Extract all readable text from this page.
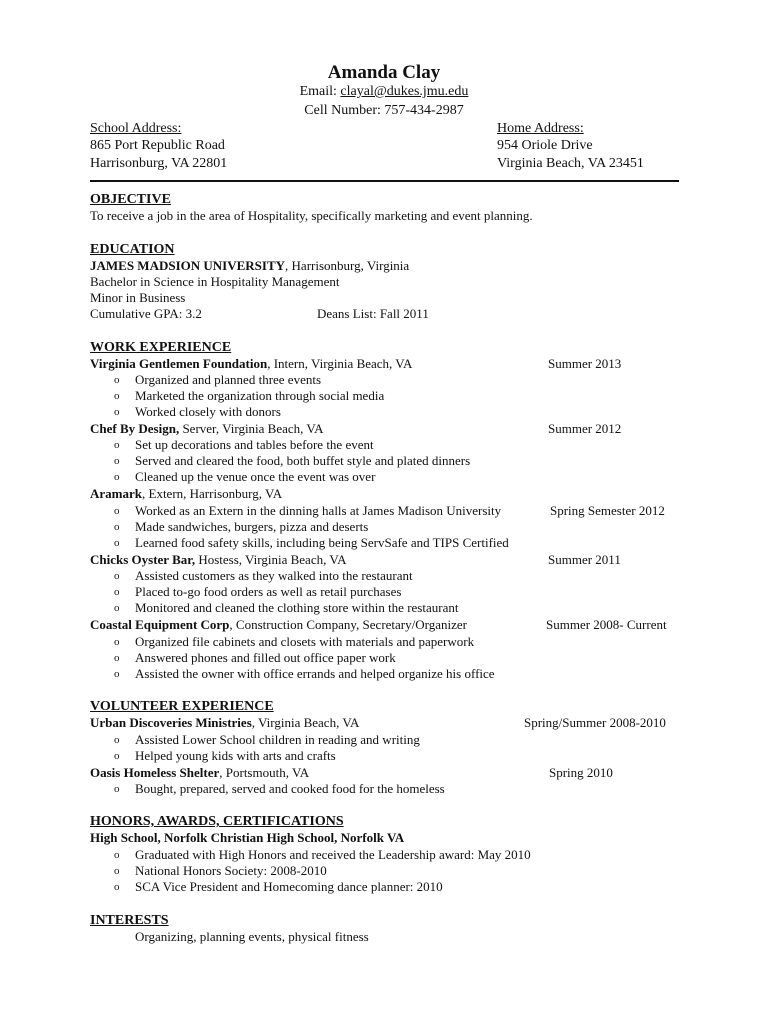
Amanda Clay
Email: clayal@dukes.jmu.edu
Cell Number: 757-434-2987
School Address:
865 Port Republic Road
Harrisonburg, VA 22801
Home Address:
954 Oriole Drive
Virginia Beach, VA 23451
OBJECTIVE
To receive a job in the area of Hospitality, specifically marketing and event planning.
EDUCATION
JAMES MADSION UNIVERSITY, Harrisonburg, Virginia
Bachelor in Science in Hospitality Management
Minor in Business
Cumulative GPA: 3.2	Deans List: Fall 2011
WORK EXPERIENCE
Virginia Gentlemen Foundation, Intern, Virginia Beach, VA	Summer 2013
o Organized and planned three events
o Marketed the organization through social media
o Worked closely with donors
Chef By Design, Server, Virginia Beach, VA	Summer 2012
o Set up decorations and tables before the event
o Served and cleared the food, both buffet style and plated dinners
o Cleaned up the venue once the event was over
Aramark, Extern, Harrisonburg, VA
o Worked as an Extern in the dinning halls at James Madison University	Spring Semester 2012
o Made sandwiches, burgers, pizza and deserts
o Learned food safety skills, including being ServSafe and TIPS Certified
Chicks Oyster Bar, Hostess, Virginia Beach, VA	Summer 2011
o Assisted customers as they walked into the restaurant
o Placed to-go food orders as well as retail purchases
o Monitored and cleaned the clothing store within the restaurant
Coastal Equipment Corp, Construction Company, Secretary/Organizer	Summer 2008- Current
o Organized file cabinets and closets with materials and paperwork
o Answered phones and filled out office paper work
o Assisted the owner with office errands and helped organize his office
VOLUNTEER EXPERIENCE
Urban Discoveries Ministries, Virginia Beach, VA	Spring/Summer 2008-2010
o Assisted Lower School children in reading and writing
o Helped young kids with arts and crafts
Oasis Homeless Shelter, Portsmouth, VA	Spring 2010
o Bought, prepared, served and cooked food for the homeless
HONORS, AWARDS, CERTIFICATIONS
High School, Norfolk Christian High School, Norfolk VA
o Graduated with High Honors and received the Leadership award: May 2010
o National Honors Society: 2008-2010
o SCA Vice President and Homecoming dance planner: 2010
INTERESTS
Organizing, planning events, physical fitness
